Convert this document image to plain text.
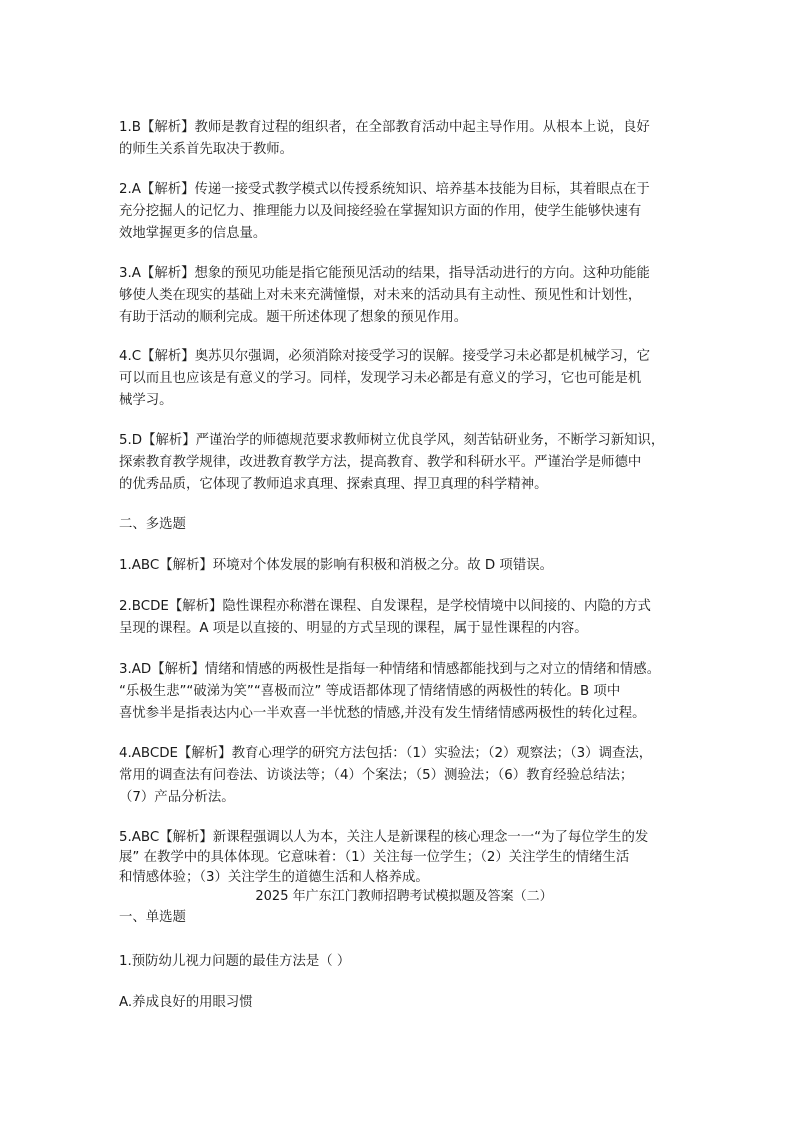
1.B【解析】教师是教育过程的组织者，在全部教育活动中起主导作用。从根本上说，良好
的师生关系首先取决于教师。
2.A【解析】传递一接受式教学模式以传授系统知识、培养基本技能为目标，其着眼点在于
充分挖掘人的记忆力、推理能力以及间接经验在掌握知识方面的作用，使学生能够快速有
效地掌握更多的信息量。
3.A【解析】想象的预见功能是指它能预见活动的结果，指导活动进行的方向。这种功能能
够使人类在现实的基础上对未来充满憧憬，对未来的活动具有主动性、预见性和计划性，
有助于活动的顺利完成。题干所述体现了想象的预见作用。
4.C【解析】奥苏贝尔强调，必须消除对接受学习的误解。接受学习未必都是机械学习，它
可以而且也应该是有意义的学习。同样，发现学习未必都是有意义的学习，它也可能是机
械学习。
5.D【解析】严谨治学的师德规范要求教师树立优良学风，刻苦钻研业务，不断学习新知识，
探索教育教学规律，改进教育教学方法，提高教育、教学和科研水平。严谨治学是师德中
的优秀品质，它体现了教师追求真理、探索真理、捍卫真理的科学精神。
二、多选题
1.ABC【解析】环境对个体发展的影响有积极和消极之分。故 D 项错误。
2.BCDE【解析】隐性课程亦称潜在课程、自发课程，是学校情境中以间接的、内隐的方式
呈现的课程。A 项是以直接的、明显的方式呈现的课程，属于显性课程的内容。
3.AD【解析】情绪和情感的两极性是指每一种情绪和情感都能找到与之对立的情绪和情感。
“乐极生悲”“破涕为笑”“喜极而泣” 等成语都体现了情绪情感的两极性的转化。B 项中
喜忧参半是指表达内心一半欢喜一半忧愁的情感,并没有发生情绪情感两极性的转化过程。
4.ABCDE【解析】教育心理学的研究方法包括：（1）实验法；（2）观察法；（3）调查法，
常用的调查法有问卷法、访谈法等；（4）个案法；（5）测验法；（6）教育经验总结法；
（7）产品分析法。
5.ABC【解析】新课程强调以人为本，关注人是新课程的核心理念一一“为了每位学生的发
展” 在教学中的具体体现。它意味着：（1）关注每一位学生；（2）关注学生的情绪生活
和情感体验；（3）关注学生的道德生活和人格养成。
2025 年广东江门教师招聘考试模拟题及答案（二）
一、单选题
1.预防幼儿视力问题的最佳方法是（ ）
A.养成良好的用眼习惯
